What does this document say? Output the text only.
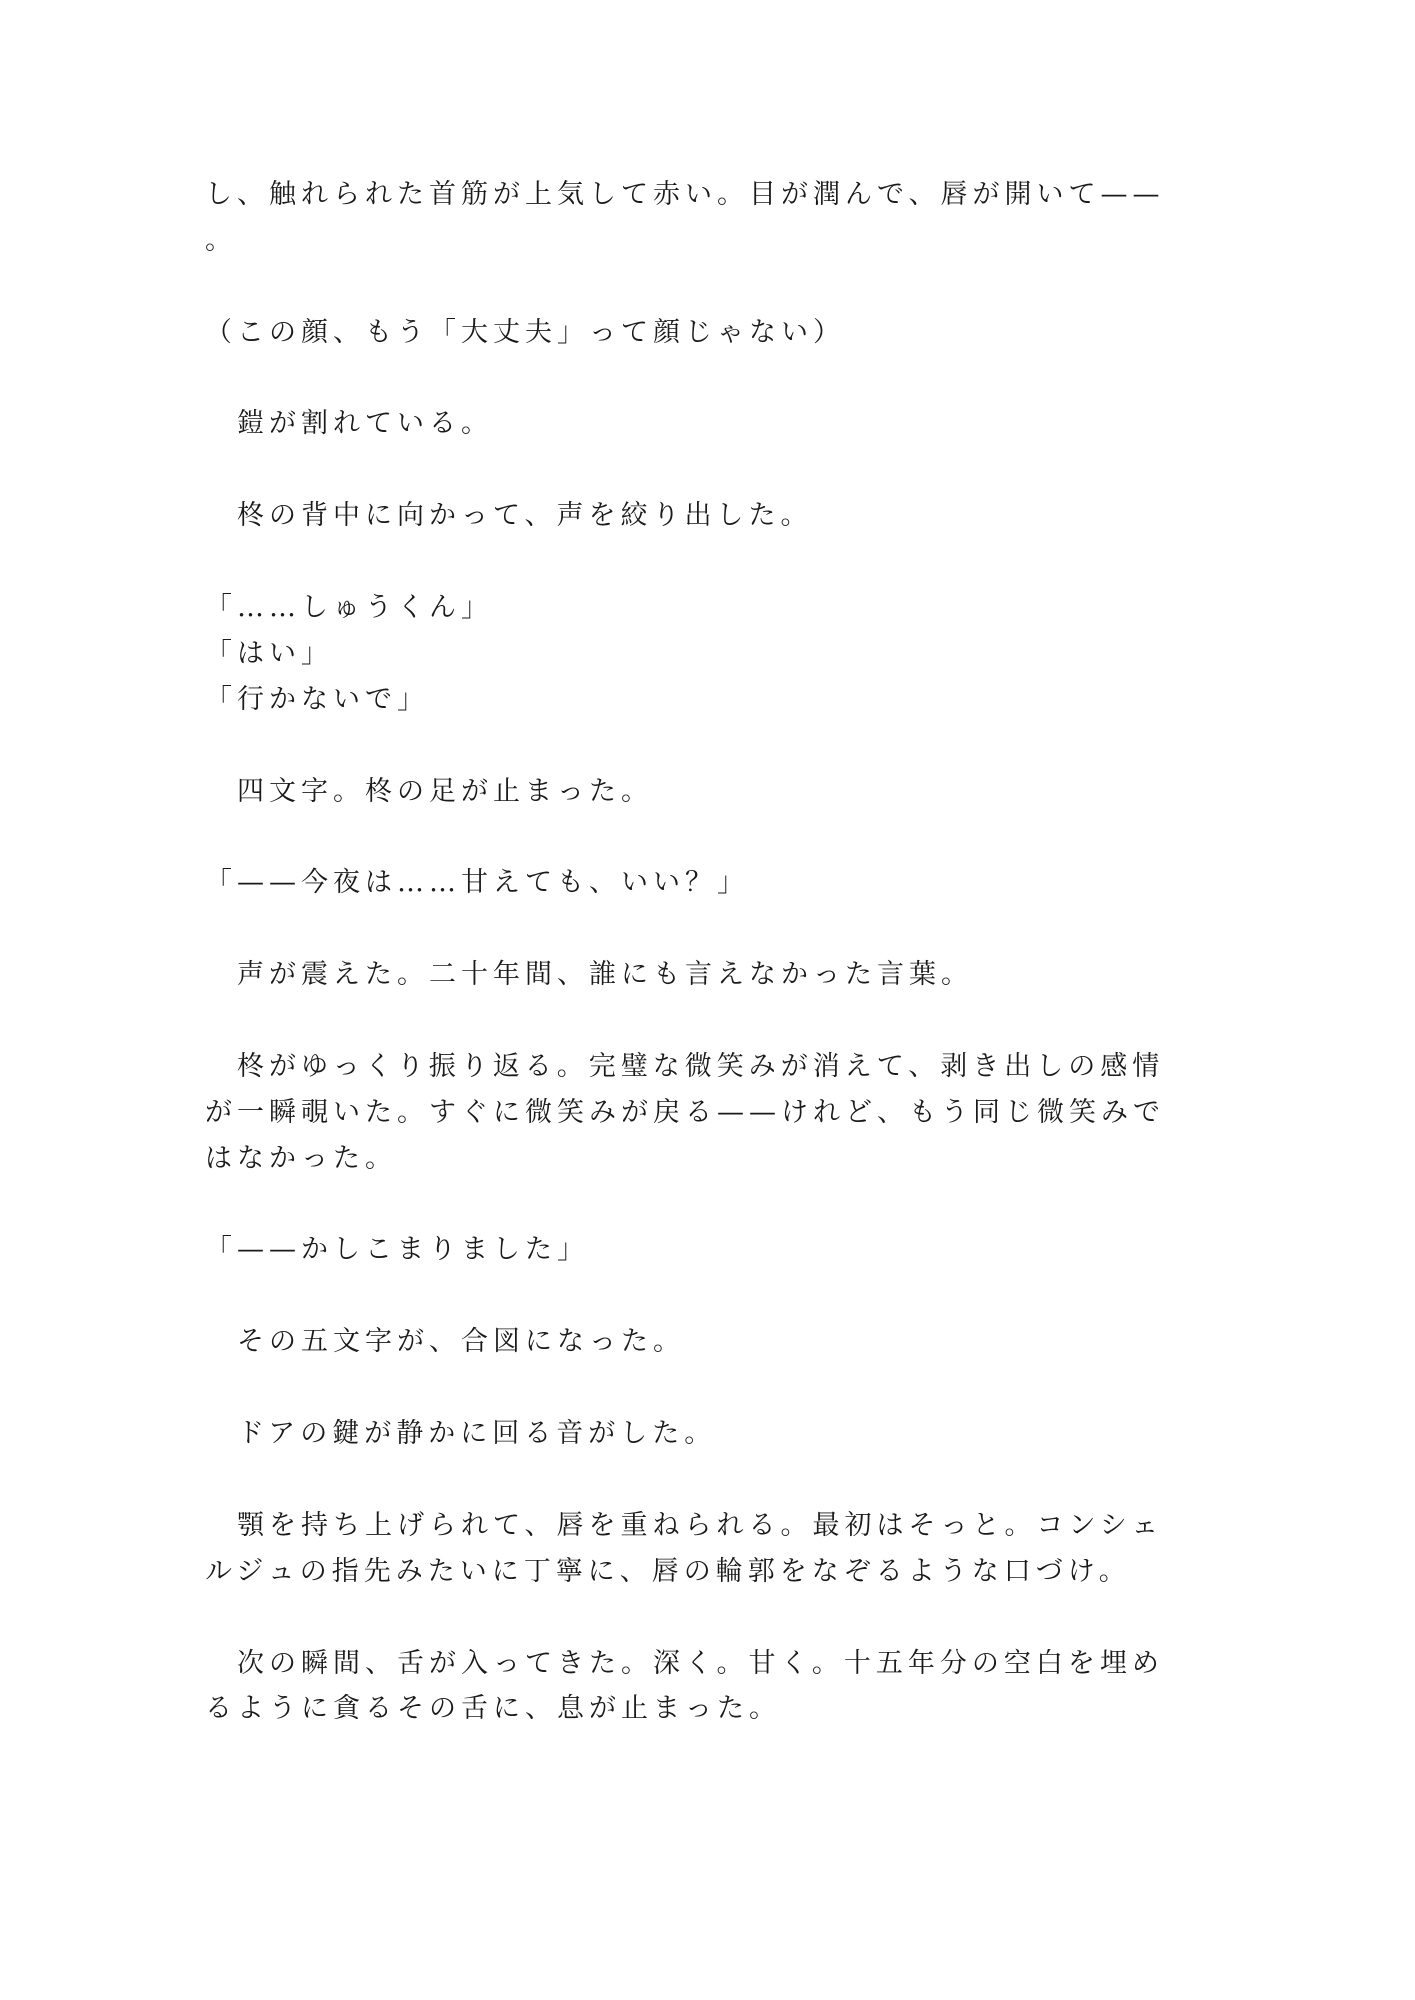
し、触れられた首筋が上気して赤い。目が潤んで、唇が開いて——
。
（この顔、もう「大丈夫」って顔じゃない）
　鎧が割れている。
　柊の背中に向かって、声を絞り出した。
「……しゅうくん」
「はい」
「行かないで」
　四文字。柊の足が止まった。
「——今夜は……甘えても、いい？」
　声が震えた。二十年間、誰にも言えなかった言葉。
　柊がゆっくり振り返る。完璧な微笑みが消えて、剥き出しの感情
が一瞬覗いた。すぐに微笑みが戻る——けれど、もう同じ微笑みで
はなかった。
「——かしこまりました」
　その五文字が、合図になった。
　ドアの鍵が静かに回る音がした。
　顎を持ち上げられて、唇を重ねられる。最初はそっと。コンシェ
ルジュの指先みたいに丁寧に、唇の輪郭をなぞるような口づけ。
　次の瞬間、舌が入ってきた。深く。甘く。十五年分の空白を埋め
るように貪るその舌に、息が止まった。
